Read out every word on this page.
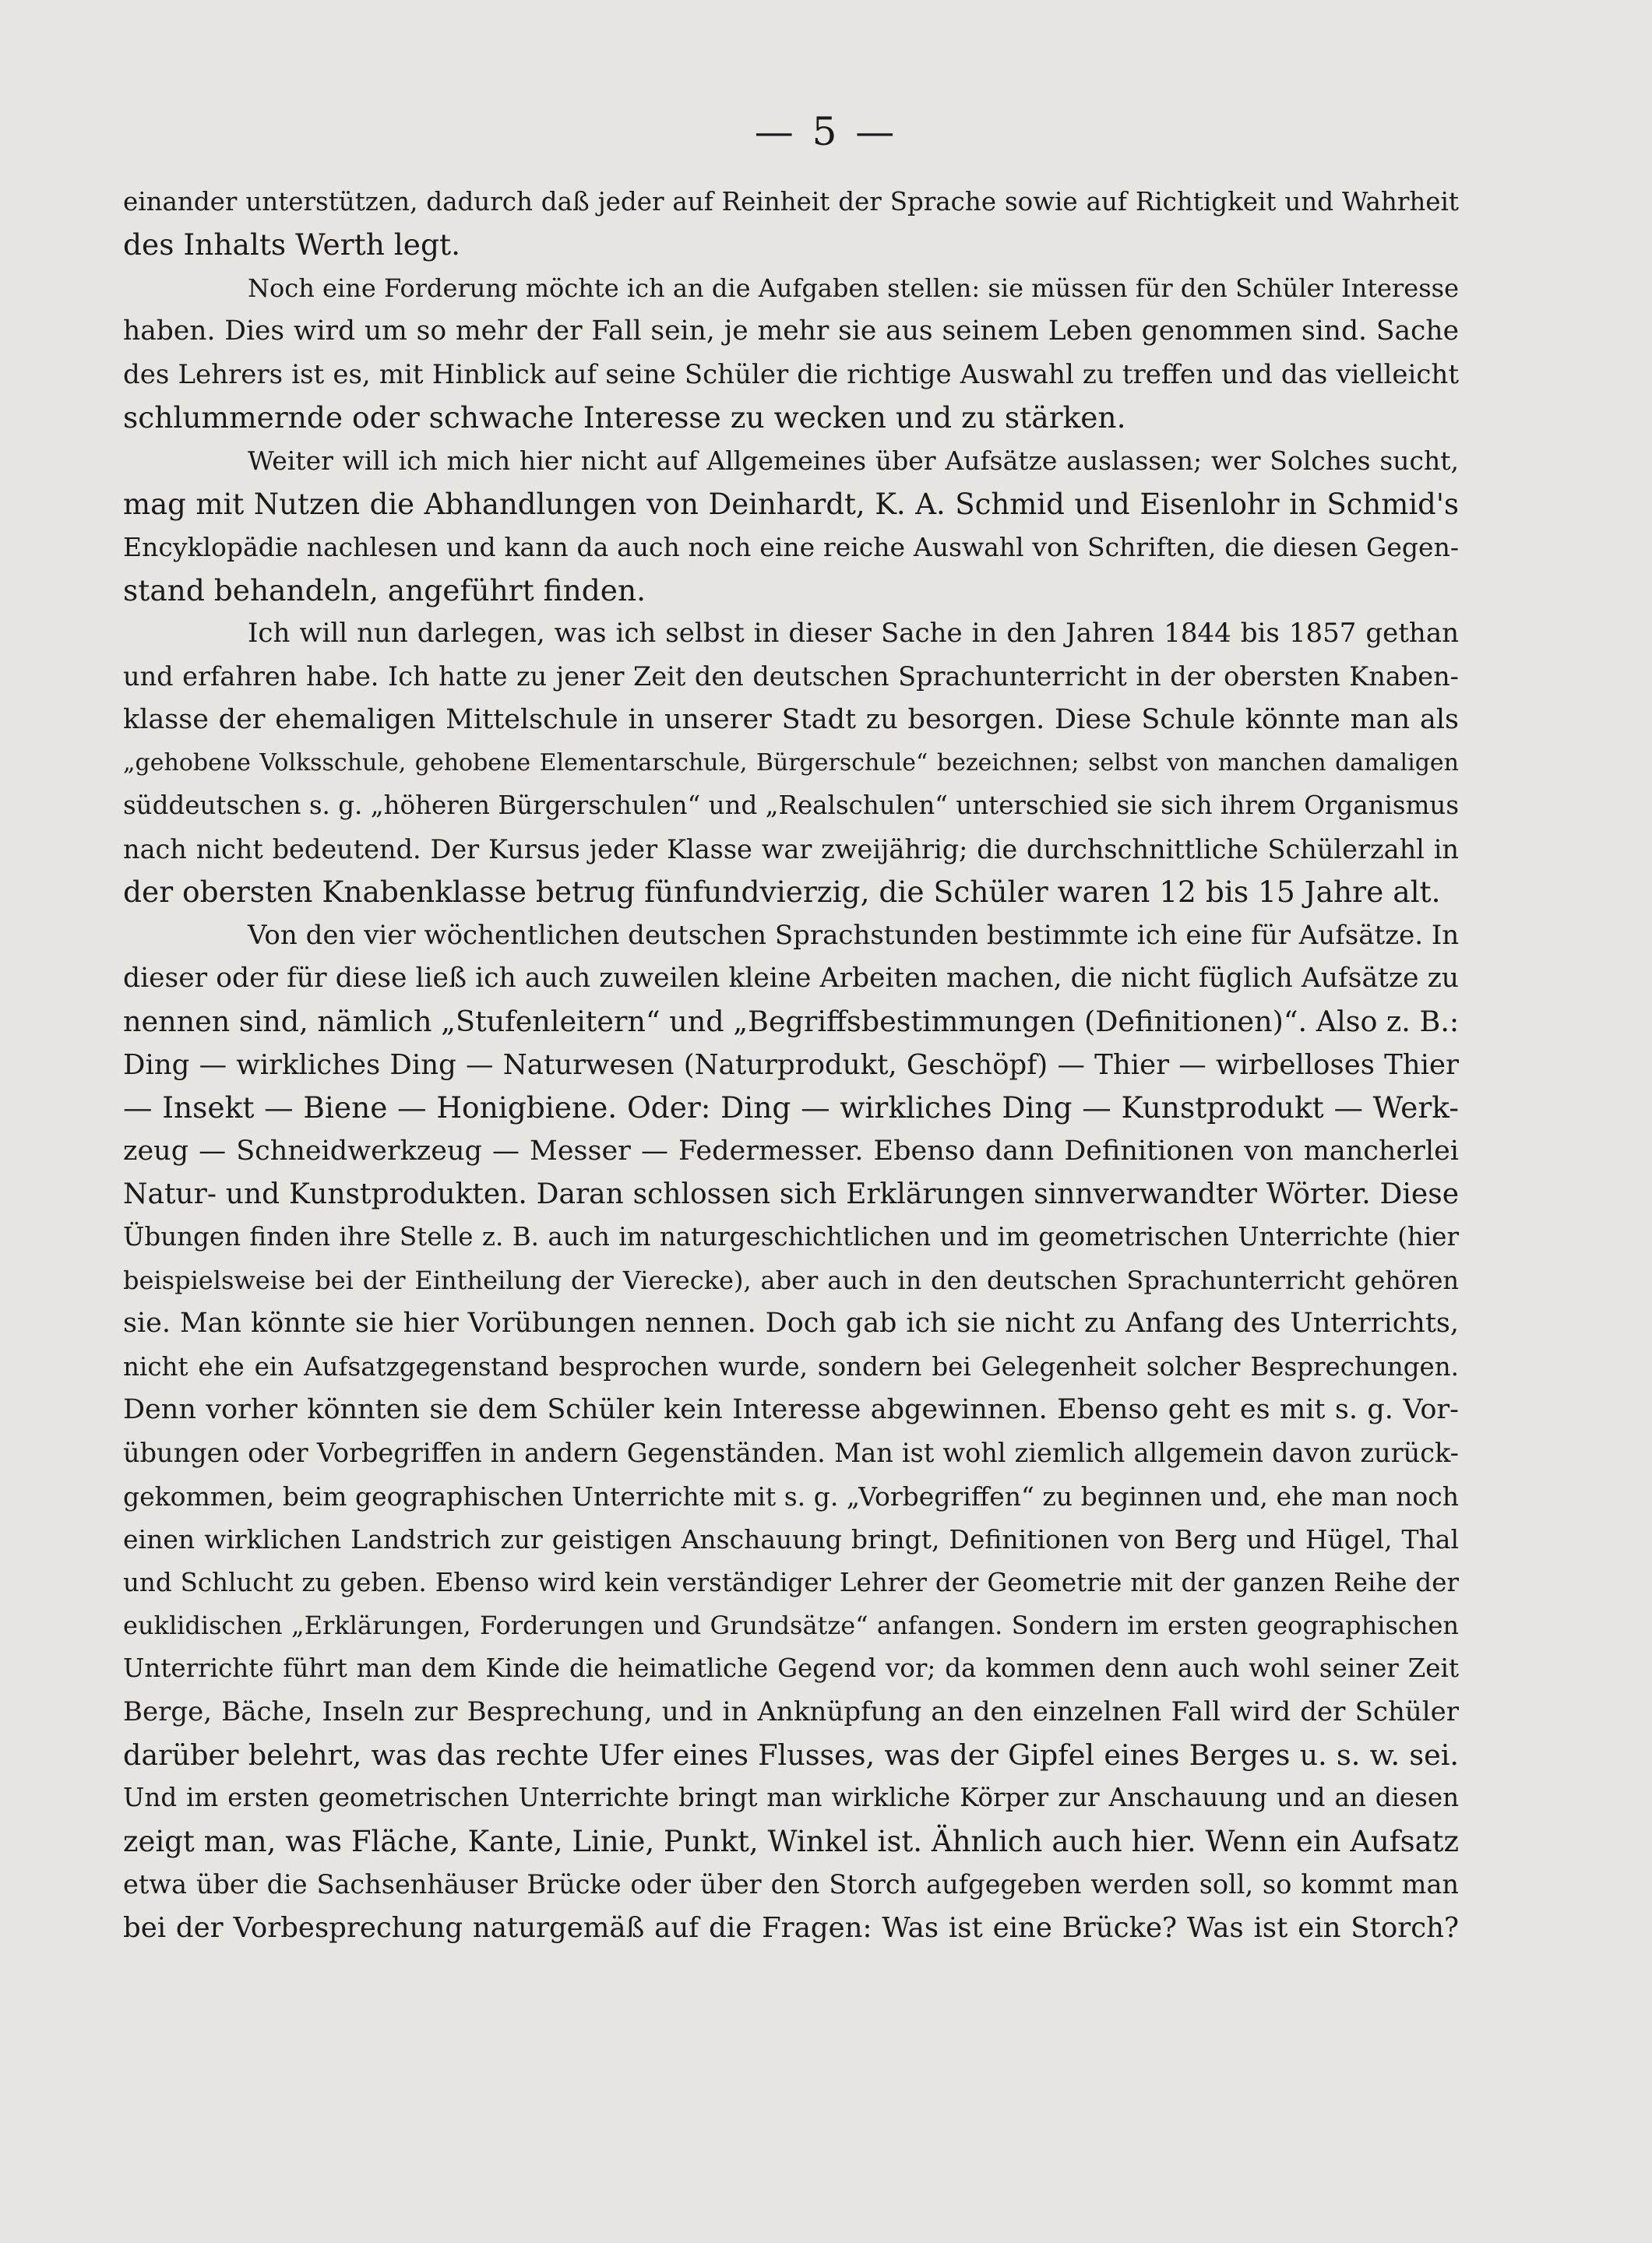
— 5 —
einander unterstützen, dadurch daß jeder auf Reinheit der Sprache sowie auf Richtigkeit und Wahrheit
des Inhalts Werth legt.
Noch eine Forderung möchte ich an die Aufgaben stellen: sie müssen für den Schüler Interesse
haben. Dies wird um so mehr der Fall sein, je mehr sie aus seinem Leben genommen sind. Sache
des Lehrers ist es, mit Hinblick auf seine Schüler die richtige Auswahl zu treffen und das vielleicht
schlummernde oder schwache Interesse zu wecken und zu stärken.
Weiter will ich mich hier nicht auf Allgemeines über Aufsätze auslassen; wer Solches sucht,
mag mit Nutzen die Abhandlungen von Deinhardt, K. A. Schmid und Eisenlohr in Schmid's
Encyklopädie nachlesen und kann da auch noch eine reiche Auswahl von Schriften, die diesen Gegen-
stand behandeln, angeführt finden.
Ich will nun darlegen, was ich selbst in dieser Sache in den Jahren 1844 bis 1857 gethan
und erfahren habe. Ich hatte zu jener Zeit den deutschen Sprachunterricht in der obersten Knaben-
klasse der ehemaligen Mittelschule in unserer Stadt zu besorgen. Diese Schule könnte man als
„gehobene Volksschule, gehobene Elementarschule, Bürgerschule“ bezeichnen; selbst von manchen damaligen
süddeutschen s. g. „höheren Bürgerschulen“ und „Realschulen“ unterschied sie sich ihrem Organismus
nach nicht bedeutend. Der Kursus jeder Klasse war zweijährig; die durchschnittliche Schülerzahl in
der obersten Knabenklasse betrug fünfundvierzig, die Schüler waren 12 bis 15 Jahre alt.
Von den vier wöchentlichen deutschen Sprachstunden bestimmte ich eine für Aufsätze. In
dieser oder für diese ließ ich auch zuweilen kleine Arbeiten machen, die nicht füglich Aufsätze zu
nennen sind, nämlich „Stufenleitern“ und „Begriffsbestimmungen (Definitionen)“. Also z. B.:
Ding — wirkliches Ding — Naturwesen (Naturprodukt, Geschöpf) — Thier — wirbelloses Thier
— Insekt — Biene — Honigbiene. Oder: Ding — wirkliches Ding — Kunstprodukt — Werk-
zeug — Schneidwerkzeug — Messer — Federmesser. Ebenso dann Definitionen von mancherlei
Natur- und Kunstprodukten. Daran schlossen sich Erklärungen sinnverwandter Wörter. Diese
Übungen finden ihre Stelle z. B. auch im naturgeschichtlichen und im geometrischen Unterrichte (hier
beispielsweise bei der Eintheilung der Vierecke), aber auch in den deutschen Sprachunterricht gehören
sie. Man könnte sie hier Vorübungen nennen. Doch gab ich sie nicht zu Anfang des Unterrichts,
nicht ehe ein Aufsatzgegenstand besprochen wurde, sondern bei Gelegenheit solcher Besprechungen.
Denn vorher könnten sie dem Schüler kein Interesse abgewinnen. Ebenso geht es mit s. g. Vor-
übungen oder Vorbegriffen in andern Gegenständen. Man ist wohl ziemlich allgemein davon zurück-
gekommen, beim geographischen Unterrichte mit s. g. „Vorbegriffen“ zu beginnen und, ehe man noch
einen wirklichen Landstrich zur geistigen Anschauung bringt, Definitionen von Berg und Hügel, Thal
und Schlucht zu geben. Ebenso wird kein verständiger Lehrer der Geometrie mit der ganzen Reihe der
euklidischen „Erklärungen, Forderungen und Grundsätze“ anfangen. Sondern im ersten geographischen
Unterrichte führt man dem Kinde die heimatliche Gegend vor; da kommen denn auch wohl seiner Zeit
Berge, Bäche, Inseln zur Besprechung, und in Anknüpfung an den einzelnen Fall wird der Schüler
darüber belehrt, was das rechte Ufer eines Flusses, was der Gipfel eines Berges u. s. w. sei.
Und im ersten geometrischen Unterrichte bringt man wirkliche Körper zur Anschauung und an diesen
zeigt man, was Fläche, Kante, Linie, Punkt, Winkel ist. Ähnlich auch hier. Wenn ein Aufsatz
etwa über die Sachsenhäuser Brücke oder über den Storch aufgegeben werden soll, so kommt man
bei der Vorbesprechung naturgemäß auf die Fragen: Was ist eine Brücke? Was ist ein Storch?
